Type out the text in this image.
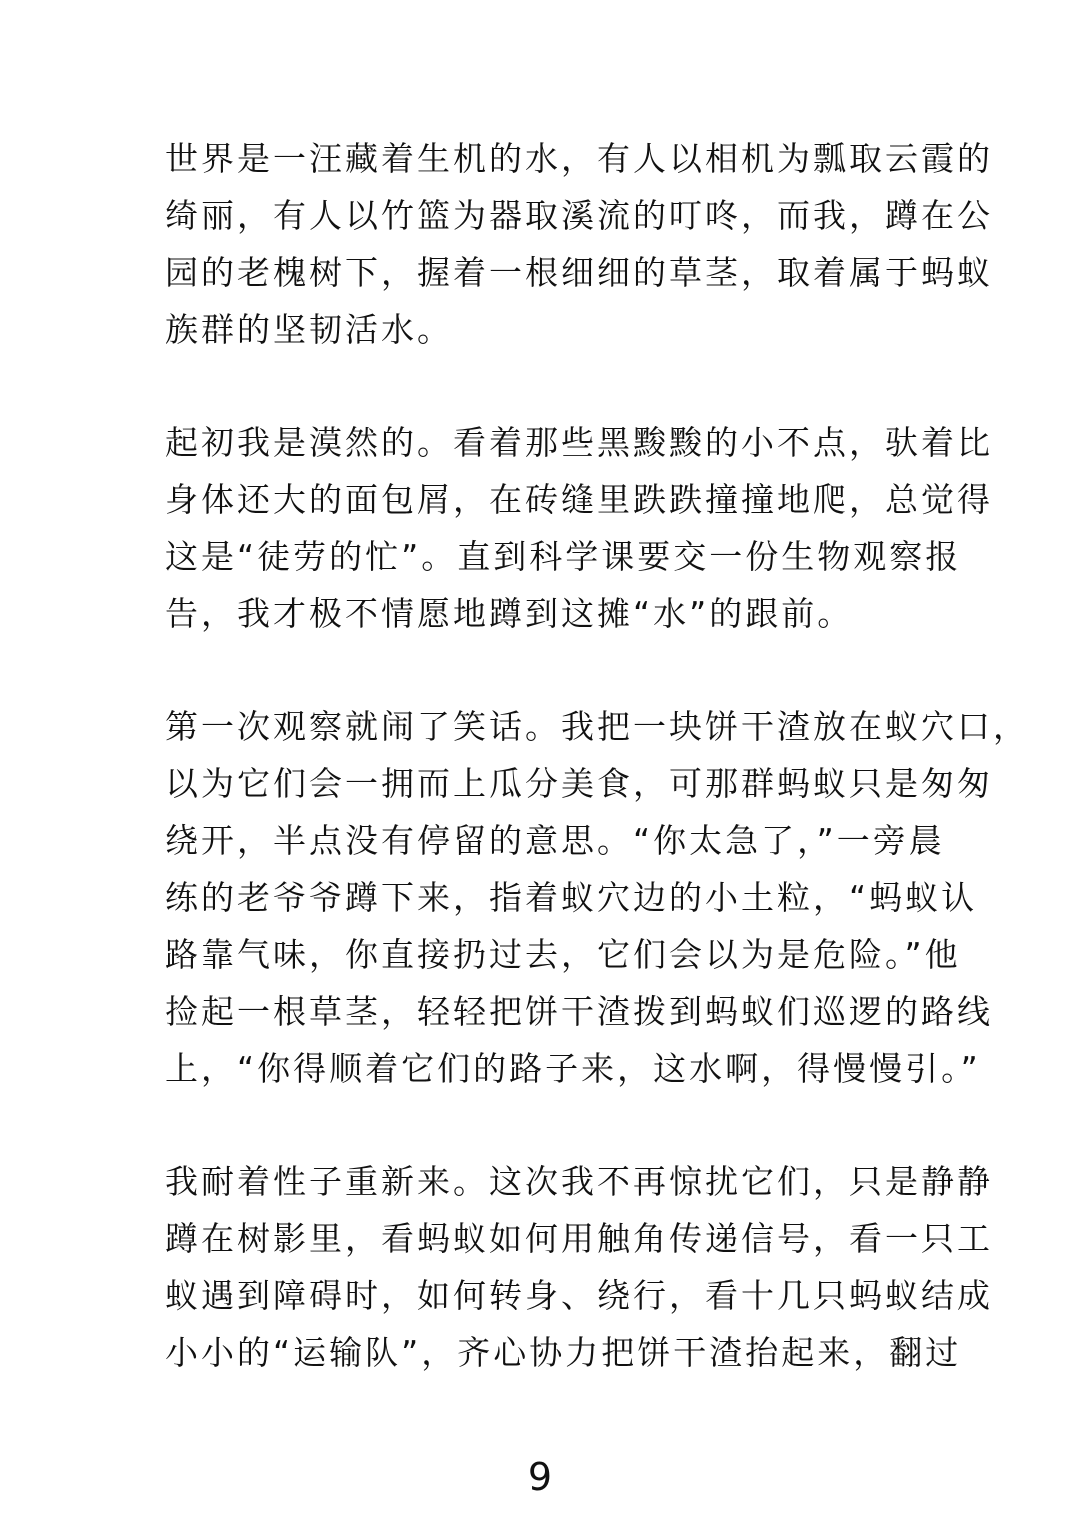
世界是一汪藏着生机的水，有人以相机为瓢取云霞的
绮丽，有人以竹篮为器取溪流的叮咚，而我，蹲在公
园的老槐树下，握着一根细细的草茎，取着属于蚂蚁
族群的坚韧活水。

起初我是漠然的。看着那些黑黢黢的小不点，驮着比
身体还大的面包屑，在砖缝里跌跌撞撞地爬，总觉得
这是“徒劳的忙”。直到科学课要交一份生物观察报
告，我才极不情愿地蹲到这摊“水”的跟前。

第一次观察就闹了笑话。我把一块饼干渣放在蚁穴口，
以为它们会一拥而上瓜分美食，可那群蚂蚁只是匆匆
绕开，半点没有停留的意思。“你太急了，”一旁晨
练的老爷爷蹲下来，指着蚁穴边的小土粒，“蚂蚁认
路靠气味，你直接扔过去，它们会以为是危险。”他
捡起一根草茎，轻轻把饼干渣拨到蚂蚁们巡逻的路线
上，“你得顺着它们的路子来，这水啊，得慢慢引。”

我耐着性子重新来。这次我不再惊扰它们，只是静静
蹲在树影里，看蚂蚁如何用触角传递信号，看一只工
蚁遇到障碍时，如何转身、绕行，看十几只蚂蚁结成
小小的“运输队”，齐心协力把饼干渣抬起来，翻过

9
